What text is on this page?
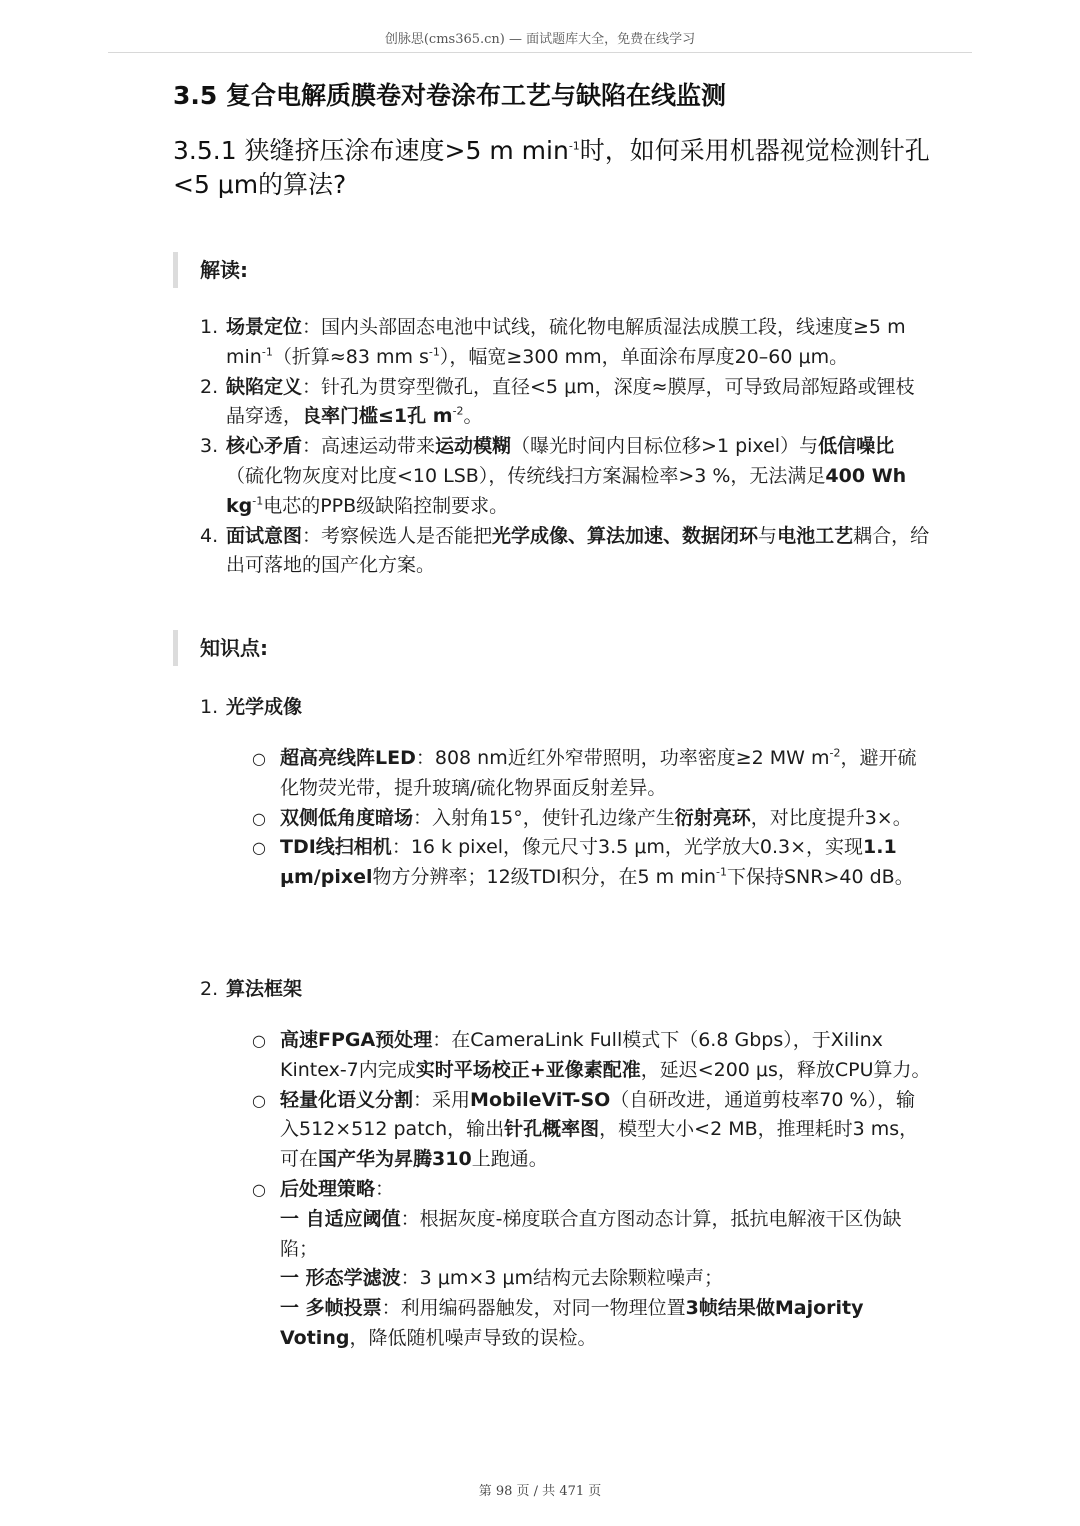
创脉思(cms365.cn) — 面试题库大全，免费在线学习
3.5 复合电解质膜卷对卷涂布工艺与缺陷在线监测
3.5.1 狭缝挤压涂布速度>5 m $\min^{-1}$时，如何采用机器视觉检测针孔<5 μm的算法?
解读:
1. 场景定位：国内头部固态电池中试线，硫化物电解质湿法成膜工段，线速度≥5 m $\min^{-1}$（折算≈83 mm $s^{-1}$），幅宽≥300 mm，单面涂布厚度20–60 μm。
2. 缺陷定义：针孔为贯穿型微孔，直径<5 μm，深度≈膜厚，可导致局部短路或锂枝晶穿透，良率门槛≤1孔 $m^{-2}$。
3. 核心矛盾：高速运动带来运动模糊（曝光时间内目标位移>1 pixel）与低信噪比（硫化物灰度对比度<10 LSB），传统线扫方案漏检率>3 %，无法满足400 Wh $kg^{-1}$电芯的PPB级缺陷控制要求。
4. 面试意图：考察候选人是否能把光学成像、算法加速、数据闭环与电池工艺耦合，给出可落地的国产化方案。
知识点:
1. 光学成像
○ 超高亮线阵LED：808 nm近红外窄带照明，功率密度≥2 MW $m^{-2}$，避开硫化物荧光带，提升玻璃/硫化物界面反射差异。
○ 双侧低角度暗场：入射角15°，使针孔边缘产生衍射亮环，对比度提升3×。
○ TDI线扫相机：16 k pixel，像元尺寸3.5 μm，光学放大0.3×，实现1.1 μm/pixel物方分辨率；12级TDI积分，在5 m $\min^{-1}$下保持SNR>40 dB。
2. 算法框架
○ 高速FPGA预处理：在CameraLink Full模式下（6.8 Gbps），于Xilinx Kintex-7内完成实时平场校正+亚像素配准，延迟<200 μs，释放CPU算力。
○ 轻量化语义分割：采用MobileViT-SO（自研改进，通道剪枝率70 %），输入512×512 patch，输出针孔概率图，模型大小<2 MB，推理耗时3 ms，可在国产华为昇腾310上跑通。
○ 后处理策略：
一 自适应阈值：根据灰度-梯度联合直方图动态计算，抵抗电解液干区伪缺陷；
一 形态学滤波：3 μm×3 μm结构元去除颗粒噪声；
一 多帧投票：利用编码器触发，对同一物理位置3帧结果做Majority Voting，降低随机噪声导致的误检。
第 98 页 / 共 471 页
